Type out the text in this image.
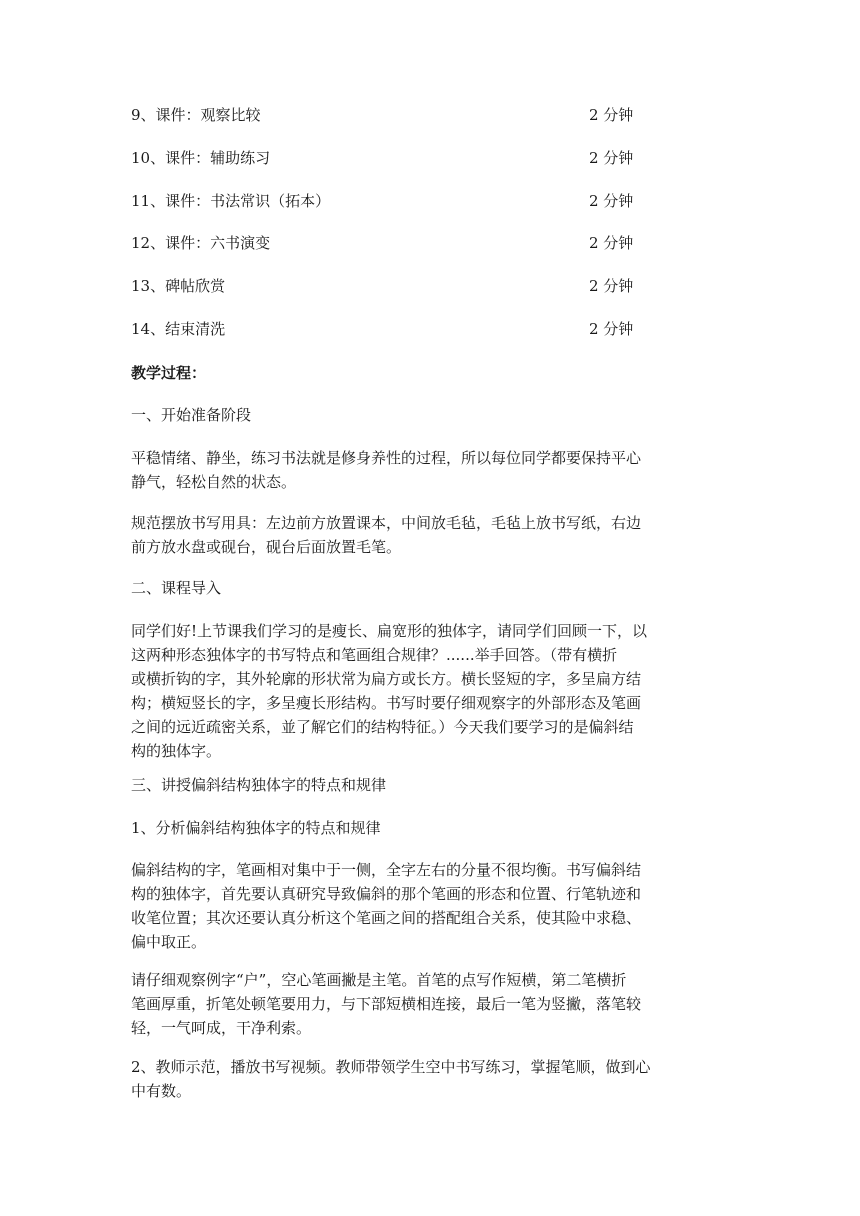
9、课件：观察比较	2 分钟
10、课件：辅助练习	2 分钟
11、课件：书法常识（拓本）	2 分钟
12、课件：六书演变	2 分钟
13、碑帖欣赏	2 分钟
14、结束清洗	2 分钟
教学过程：
一、开始准备阶段
平稳情绪、静坐，练习书法就是修身养性的过程，所以每位同学都要保持平心
静气，轻松自然的状态。
规范摆放书写用具：左边前方放置课本，中间放毛毡，毛毡上放书写纸，右边
前方放水盘或砚台，砚台后面放置毛笔。
二、课程导入
同学们好!上节课我们学习的是瘦长、扁宽形的独体字，请同学们回顾一下，以
这两种形态独体字的书写特点和笔画组合规律？......举手回答。（带有横折
或横折钩的字，其外轮廓的形状常为扁方或长方。横长竖短的字，多呈扁方结
构；横短竖长的字，多呈瘦长形结构。书写时要仔细观察字的外部形态及笔画
之间的远近疏密关系，並了解它们的结构特征。）今天我们要学习的是偏斜结
构的独体字。
三、讲授偏斜结构独体字的特点和规律
1、分析偏斜结构独体字的特点和规律
偏斜结构的字，笔画相对集中于一侧，全字左右的分量不很均衡。书写偏斜结
构的独体字，首先要认真研究导致偏斜的那个笔画的形态和位置、行笔轨迹和
收笔位置；其次还要认真分析这个笔画之间的搭配组合关系，使其险中求稳、
偏中取正。
请仔细观察例字“户”，空心笔画撇是主笔。首笔的点写作短横，第二笔横折
笔画厚重，折笔处顿笔要用力，与下部短横相连接，最后一笔为竖撇，落笔较
轻，一气呵成，干净利索。
2、教师示范，播放书写视频。教师带领学生空中书写练习，掌握笔顺，做到心
中有数。
